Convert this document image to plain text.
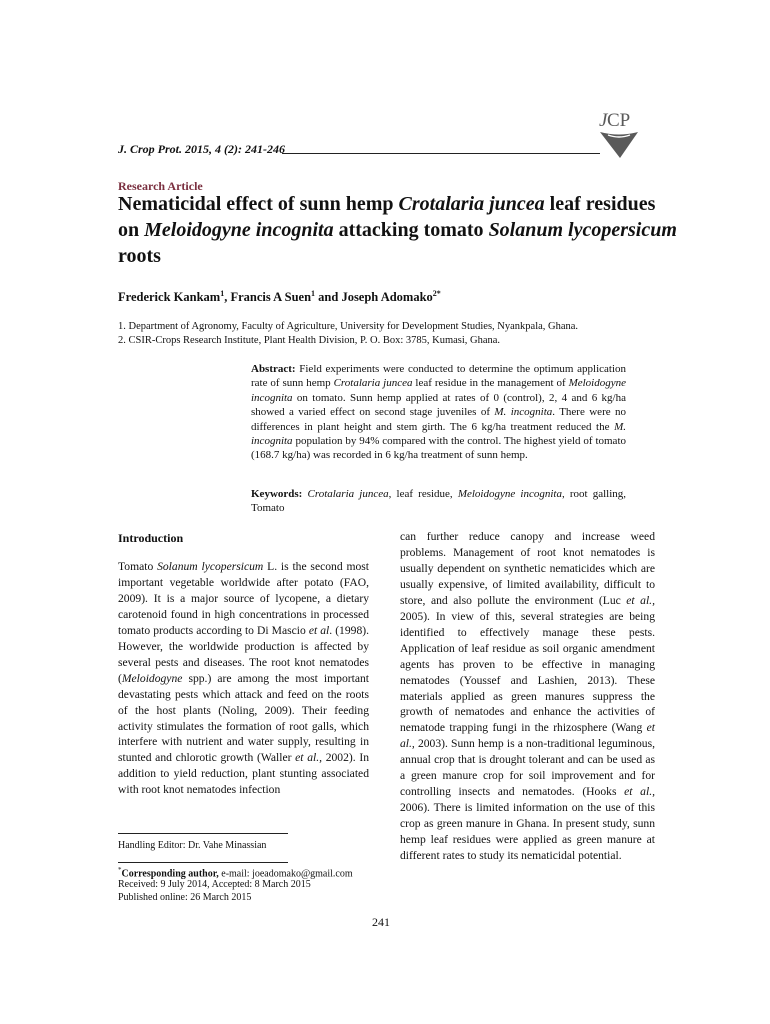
J CP
J. Crop Prot. 2015, 4 (2): 241-246
Research Article
Nematicidal effect of sunn hemp Crotalaria juncea leaf residues on Meloidogyne incognita attacking tomato Solanum lycopersicum
roots
Frederick Kankam$^1$, Francis A Suen$^1$ and Joseph Adomako$^{2*}$
1. Department of Agronomy, Faculty of Agriculture, University for Development Studies, Nyankpala, Ghana.
2. CSIR-Crops Research Institute, Plant Health Division, P. O. Box: 3785, Kumasi, Ghana.
Abstract: Field experiments were conducted to determine the optimum application rate of sunn hemp Crotalaria juncea leaf residue in the management of Meloidogyne incognita on tomato. Sunn hemp applied at rates of 0 (control), 2, 4 and 6 kg/ha showed a varied effect on second stage juveniles of M. incognita. There were no differences in plant height and stem girth. The 6 kg/ha treatment reduced the M. incognita population by 94% compared with the control. The highest yield of tomato (168.7 kg/ha) was recorded in 6 kg/ha treatment of sunn hemp.
Keywords: Crotalaria juncea, leaf residue, Meloidogyne incognita, root galling, Tomato
Introduction
Tomato Solanum lycopersicum L. is the second most important vegetable worldwide after potato (FAO, 2009). It is a major source of lycopene, a dietary carotenoid found in high concentrations in processed tomato products according to Di Mascio et al. (1998). However, the worldwide production is affected by several pests and diseases. The root knot nematodes (Meloidogyne spp.) are among the most important devastating pests which attack and feed on the roots of the host plants (Noling, 2009). Their feeding activity stimulates the formation of root galls, which interfere with nutrient and water supply, resulting in stunted and chlorotic growth (Waller et al., 2002). In addition to yield reduction, plant stunting associated with root knot nematodes infection
can further reduce canopy and increase weed problems. Management of root knot nematodes is usually dependent on synthetic nematicides which are usually expensive, of limited availability, difficult to store, and also pollute the environment (Luc et al., 2005). In view of this, several strategies are being identified to effectively manage these pests. Application of leaf residue as soil organic amendment agents has proven to be effective in managing nematodes (Youssef and Lashien, 2013). These materials applied as green manures suppress the growth of nematodes and enhance the activities of nematode trapping fungi in the rhizosphere (Wang et al., 2003). Sunn hemp is a non-traditional leguminous, annual crop that is drought tolerant and can be used as a green manure crop for soil improvement and for controlling insects and nematodes. (Hooks et al., 2006). There is limited information on the use of this crop as green manure in Ghana. In present study, sunn hemp leaf residues were applied as green manure at different rates to study its nematicidal potential.
Handling Editor: Dr. Vahe Minassian
*Corresponding author, e-mail: joeadomako@gmail.com
Received: 9 July 2014, Accepted: 8 March 2015
Published online: 26 March 2015
241
